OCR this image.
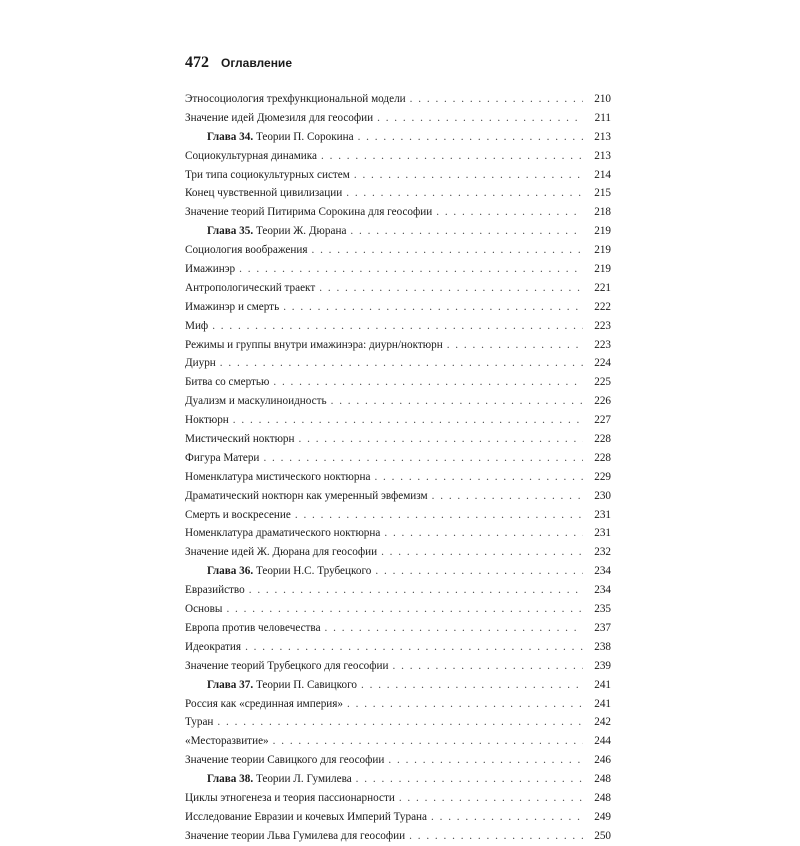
472 Оглавление
Этносоциология трехфункциональной модели . . .	210
Значение идей Дюмезиля для геософии . . .	211
Глава 34. Теории П. Сорокина . . .	213
Социокультурная динамика . . .	213
Три типа социокультурных систем . . .	214
Конец чувственной цивилизации . . .	215
Значение теорий Питирима Сорокина для геософии . . .	218
Глава 35. Теории Ж. Дюрана . . .	219
Социология воображения . . .	219
Имажинэр . . .	219
Антропологический траект . . .	221
Имажинэр и смерть . . .	222
Миф . . .	223
Режимы и группы внутри имажинэра: диурн/ноктюрн . . .	223
Диурн . . .	224
Битва со смертью . . .	225
Дуализм и маскулиноидность . . .	226
Ноктюрн . . .	227
Мистический ноктюрн . . .	228
Фигура Матери . . .	228
Номенклатура мистического ноктюрна . . .	229
Драматический ноктюрн как умеренный эвфемизм . . .	230
Смерть и воскресение . . .	231
Номенклатура драматического ноктюрна . . .	231
Значение идей Ж. Дюрана для геософии . . .	232
Глава 36. Теории Н.С. Трубецкого . . .	234
Евразийство . . .	234
Основы . . .	235
Европа против человечества . . .	237
Идеократия . . .	238
Значение теорий Трубецкого для геософии . . .	239
Глава 37. Теории П. Савицкого . . .	241
Россия как «срединная империя» . . .	241
Туран . . .	242
«Месторазвитие» . . .	244
Значение теории Савицкого для геософии . . .	246
Глава 38. Теории Л. Гумилева . . .	248
Циклы этногенеза и теория пассионарности . . .	248
Исследование Евразии и кочевых Империй Турана . . .	249
Значение теории Льва Гумилева для геософии . . .	250
